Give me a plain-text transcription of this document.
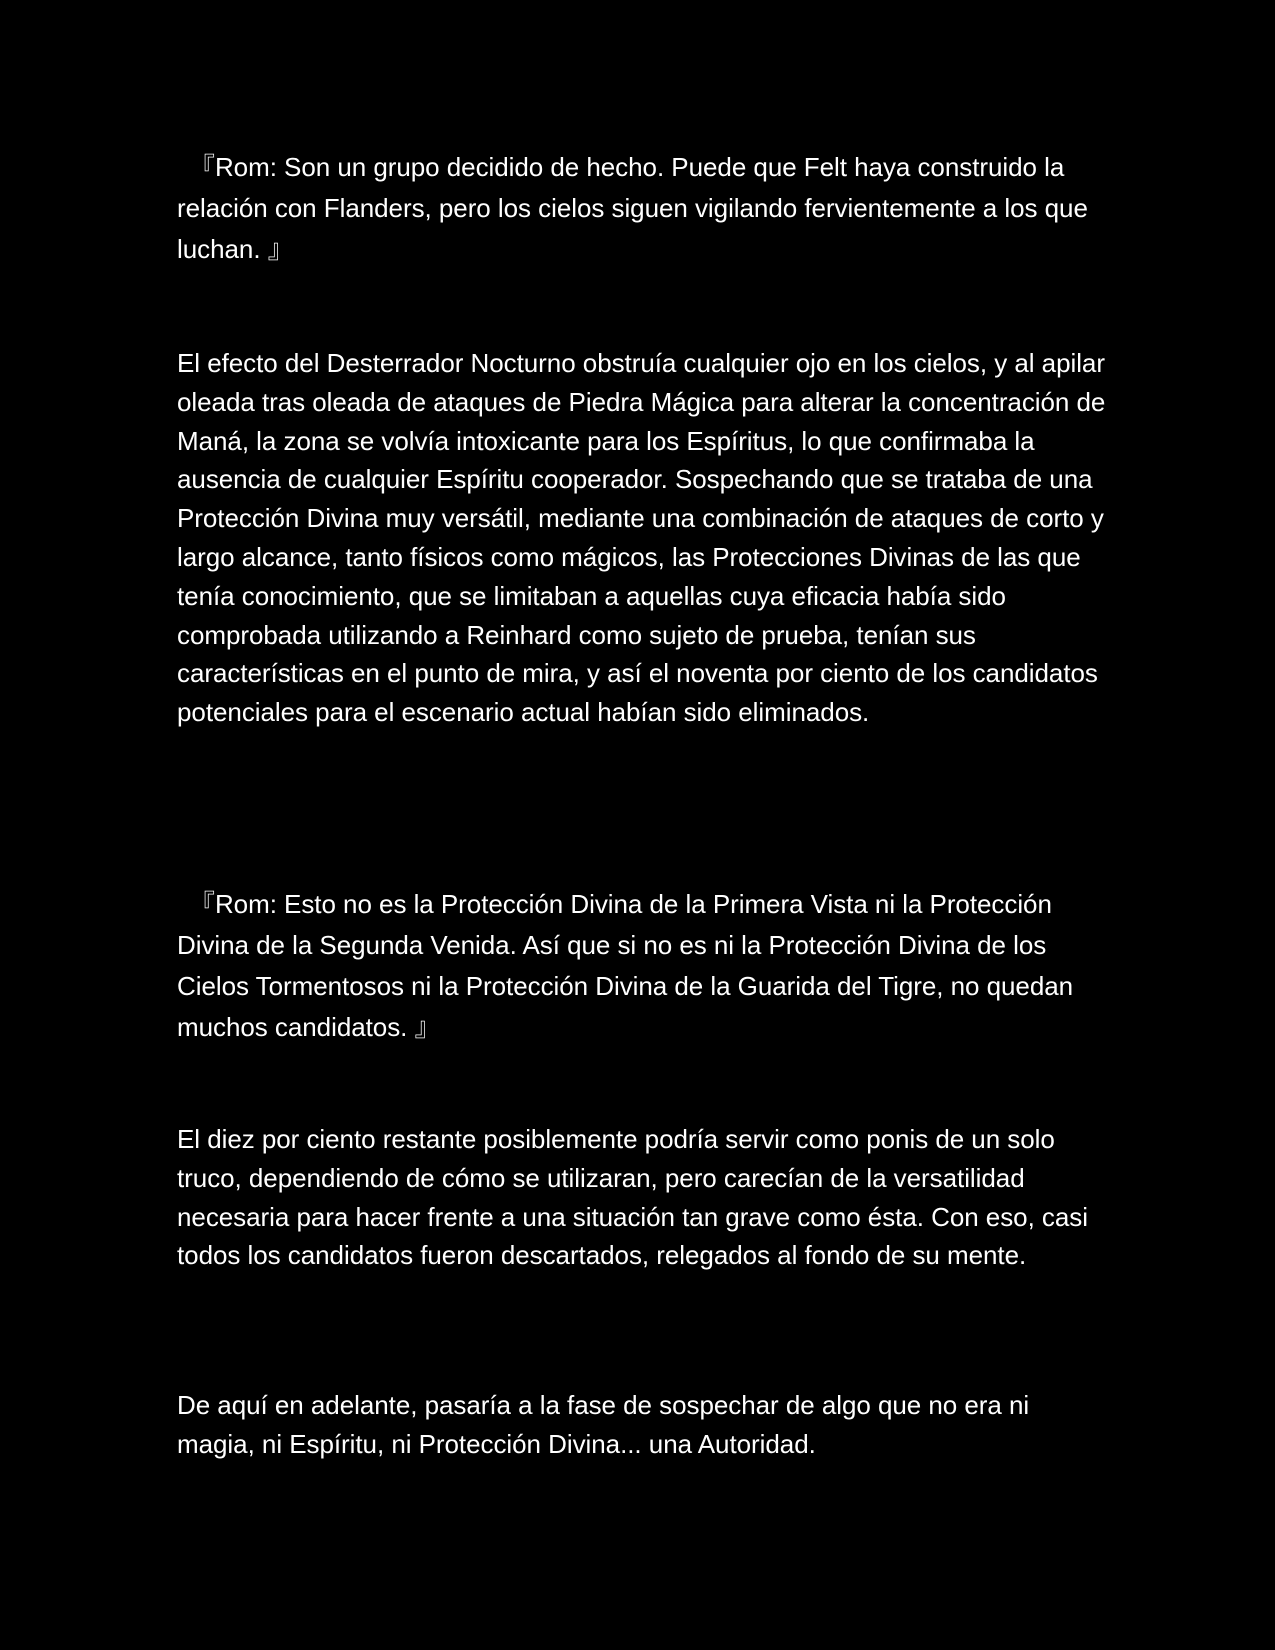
『Rom: Son un grupo decidido de hecho. Puede que Felt haya construido la relación con Flanders, pero los cielos siguen vigilando fervientemente a los que luchan. 』

El efecto del Desterrador Nocturno obstruía cualquier ojo en los cielos, y al apilar oleada tras oleada de ataques de Piedra Mágica para alterar la concentración de Maná, la zona se volvía intoxicante para los Espíritus, lo que confirmaba la ausencia de cualquier Espíritu cooperador. Sospechando que se trataba de una Protección Divina muy versátil, mediante una combinación de ataques de corto y largo alcance, tanto físicos como mágicos, las Protecciones Divinas de las que tenía conocimiento, que se limitaban a aquellas cuya eficacia había sido comprobada utilizando a Reinhard como sujeto de prueba, tenían sus características en el punto de mira, y así el noventa por ciento de los candidatos potenciales para el escenario actual habían sido eliminados.

『Rom: Esto no es la Protección Divina de la Primera Vista ni la Protección Divina de la Segunda Venida. Así que si no es ni la Protección Divina de los Cielos Tormentosos ni la Protección Divina de la Guarida del Tigre, no quedan muchos candidatos. 』

El diez por ciento restante posiblemente podría servir como ponis de un solo truco, dependiendo de cómo se utilizaran, pero carecían de la versatilidad necesaria para hacer frente a una situación tan grave como ésta. Con eso, casi todos los candidatos fueron descartados, relegados al fondo de su mente.

De aquí en adelante, pasaría a la fase de sospechar de algo que no era ni magia, ni Espíritu, ni Protección Divina... una Autoridad.
